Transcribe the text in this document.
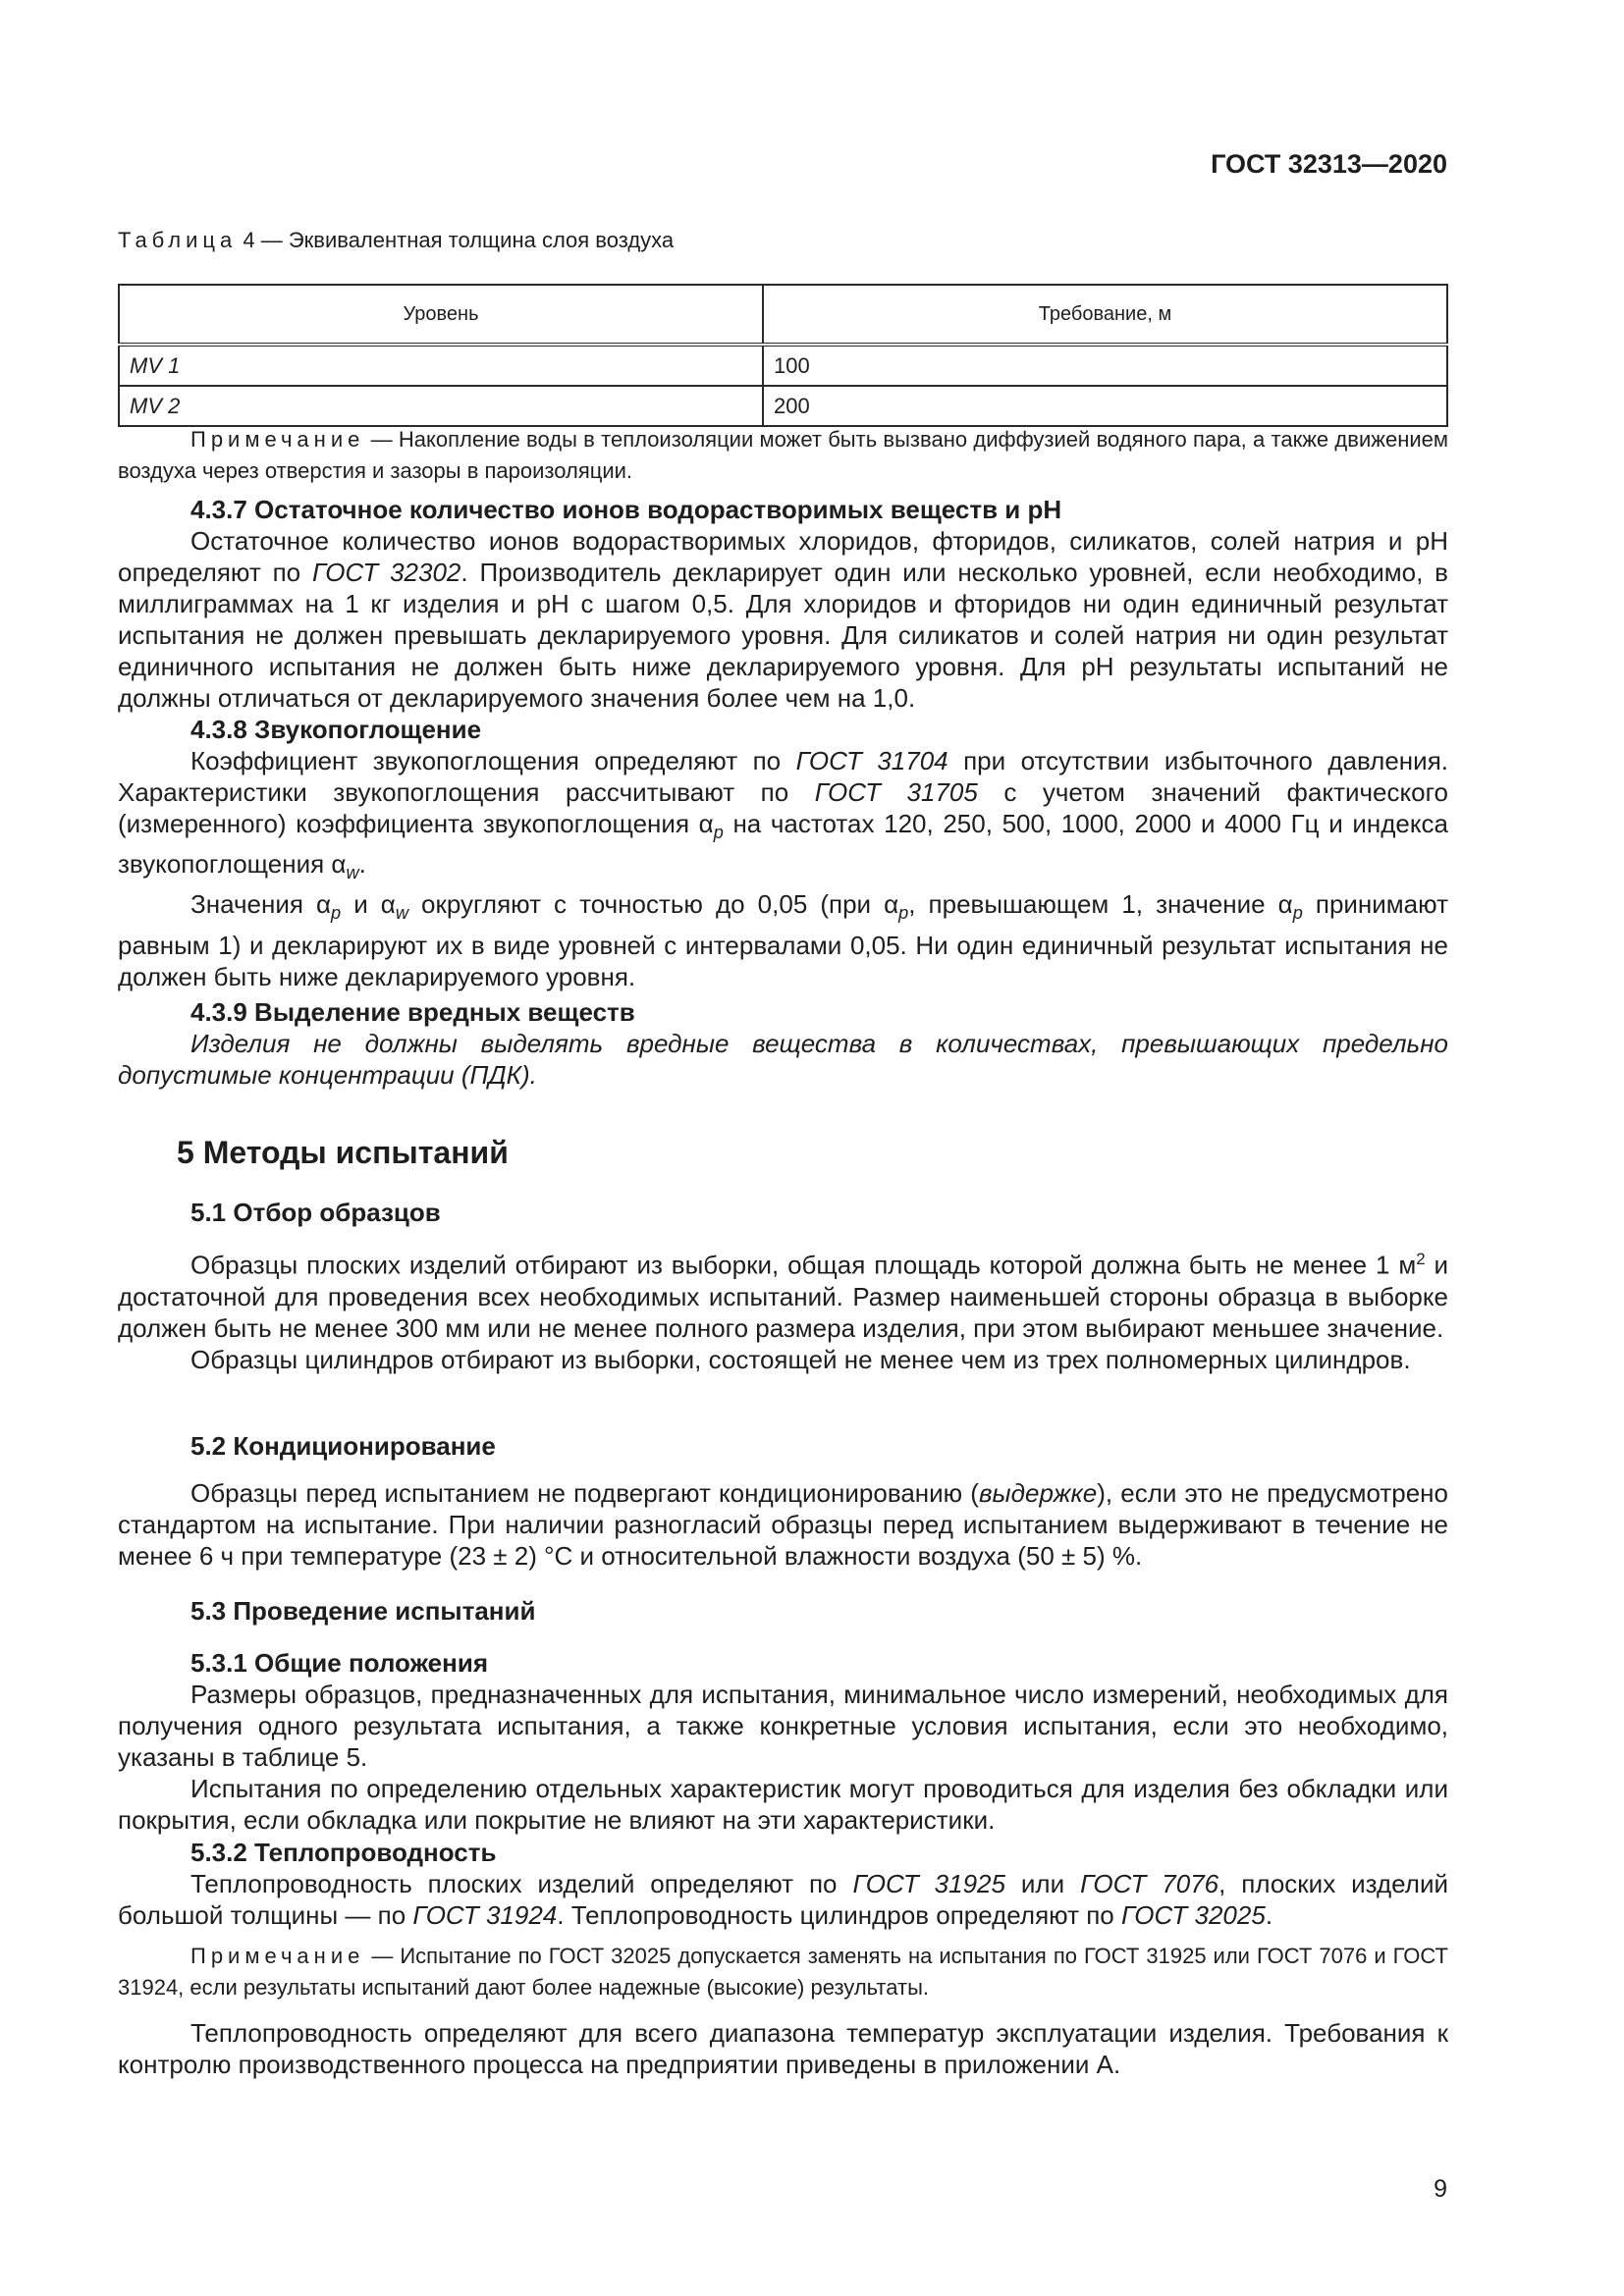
ГОСТ 32313—2020
Таблица 4 — Эквивалентная толщина слоя воздуха
Уровень	Требование, м
MV 1	100
MV 2	200
Примечание — Накопление воды в теплоизоляции может быть вызвано диффузией водяного пара, а также движением воздуха через отверстия и зазоры в пароизоляции.
4.3.7 Остаточное количество ионов водорастворимых веществ и pH
Остаточное количество ионов водорастворимых хлоридов, фторидов, силикатов, солей натрия и pH определяют по ГОСТ 32302. Производитель декларирует один или несколько уровней, если необходимо, в миллиграммах на 1 кг изделия и pH с шагом 0,5. Для хлоридов и фторидов ни один единичный результат испытания не должен превышать декларируемого уровня. Для силикатов и солей натрия ни один результат единичного испытания не должен быть ниже декларируемого уровня. Для pH результаты испытаний не должны отличаться от декларируемого значения более чем на 1,0.
4.3.8 Звукопоглощение
Коэффициент звукопоглощения определяют по ГОСТ 31704 при отсутствии избыточного давления. Характеристики звукопоглощения рассчитывают по ГОСТ 31705 с учетом значений фактического (измеренного) коэффициента звукопоглощения $\alpha_p$ на частотах 120, 250, 500, 1000, 2000 и 4000 Гц и индекса звукопоглощения $\alpha_w$.
Значения $\alpha_p$ и $\alpha_w$ округляют с точностью до 0,05 (при $\alpha_p$, превышающем 1, значение $\alpha_p$ принимают равным 1) и декларируют их в виде уровней с интервалами 0,05. Ни один единичный результат испытания не должен быть ниже декларируемого уровня.
4.3.9 Выделение вредных веществ
Изделия не должны выделять вредные вещества в количествах, превышающих предельно допустимые концентрации (ПДК).
5 Методы испытаний
5.1 Отбор образцов
Образцы плоских изделий отбирают из выборки, общая площадь которой должна быть не менее 1 $м^2$ и достаточной для проведения всех необходимых испытаний. Размер наименьшей стороны образца в выборке должен быть не менее 300 мм или не менее полного размера изделия, при этом выбирают меньшее значение.
Образцы цилиндров отбирают из выборки, состоящей не менее чем из трех полномерных цилиндров.
5.2 Кондиционирование
Образцы перед испытанием не подвергают кондиционированию (выдержке), если это не предусмотрено стандартом на испытание. При наличии разногласий образцы перед испытанием выдерживают в течение не менее 6 ч при температуре (23 ± 2) °С и относительной влажности воздуха (50 ± 5) %.
5.3 Проведение испытаний
5.3.1 Общие положения
Размеры образцов, предназначенных для испытания, минимальное число измерений, необходимых для получения одного результата испытания, а также конкретные условия испытания, если это необходимо, указаны в таблице 5.
Испытания по определению отдельных характеристик могут проводиться для изделия без обкладки или покрытия, если обкладка или покрытие не влияют на эти характеристики.
5.3.2 Теплопроводность
Теплопроводность плоских изделий определяют по ГОСТ 31925 или ГОСТ 7076, плоских изделий большой толщины — по ГОСТ 31924. Теплопроводность цилиндров определяют по ГОСТ 32025.
Примечание — Испытание по ГОСТ 32025 допускается заменять на испытания по ГОСТ 31925 или ГОСТ 7076 и ГОСТ 31924, если результаты испытаний дают более надежные (высокие) результаты.
Теплопроводность определяют для всего диапазона температур эксплуатации изделия. Требования к контролю производственного процесса на предприятии приведены в приложении А.
9
